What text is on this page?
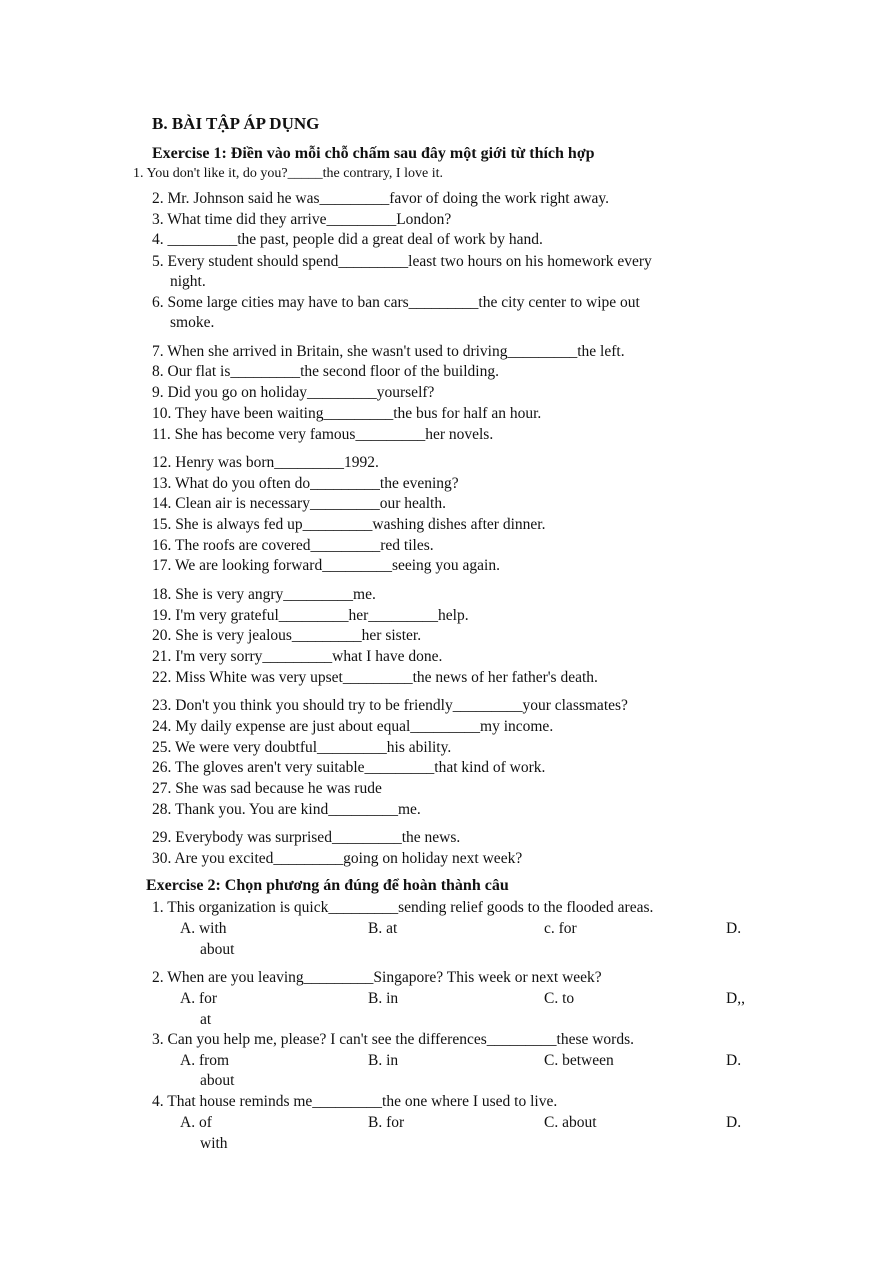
B. BÀI TẬP ÁP DỤNG
Exercise 1: Điền vào mỗi chỗ chấm sau đây một giới từ thích hợp
1. You don't like it, do you?_____the contrary, I love it.
2. Mr. Johnson said he was_________favor of doing the work right away.
3. What time did they arrive_________London?
4. _________the past, people did a great deal of work by hand.
5. Every student should spend_________least two hours on his homework every
night.
6. Some large cities may have to ban cars_________the city center to wipe out
smoke.
7. When she arrived in Britain, she wasn't used to driving_________the left.
8. Our flat is_________the second floor of the building.
9. Did you go on holiday_________yourself?
10. They have been waiting_________the bus for half an hour.
11. She has become very famous_________her novels.
12. Henry was born_________1992.
13. What do you often do_________the evening?
14. Clean air is necessary_________our health.
15. She is always fed up_________washing dishes after dinner.
16. The roofs are covered_________red tiles.
17. We are looking forward_________seeing you again.
18. She is very angry_________me.
19. I'm very grateful_________her_________help.
20. She is very jealous_________her sister.
21. I'm very sorry_________what I have done.
22. Miss White was very upset_________the news of her father's death.
23. Don't you think you should try to be friendly_________your classmates?
24. My daily expense are just about equal_________my income.
25. We were very doubtful_________his ability.
26. The gloves aren't very suitable_________that kind of work.
27. She was sad because he was rude
28. Thank you. You are kind_________me.
29. Everybody was surprised_________the news.
30. Are you excited_________going on holiday next week?
Exercise 2: Chọn phương án đúng để hoàn thành câu
1. This organization is quick_________sending relief goods to the flooded areas.
A. with	B. at	c. for	D.
about
2. When are you leaving_________Singapore? This week or next week?
A. for	B. in	C. to	D,,
at
3. Can you help me, please? I can't see the differences_________these words.
A. from	B. in	C. between	D.
about
4. That house reminds me_________the one where I used to live.
A. of	B. for	C. about	D.
with
